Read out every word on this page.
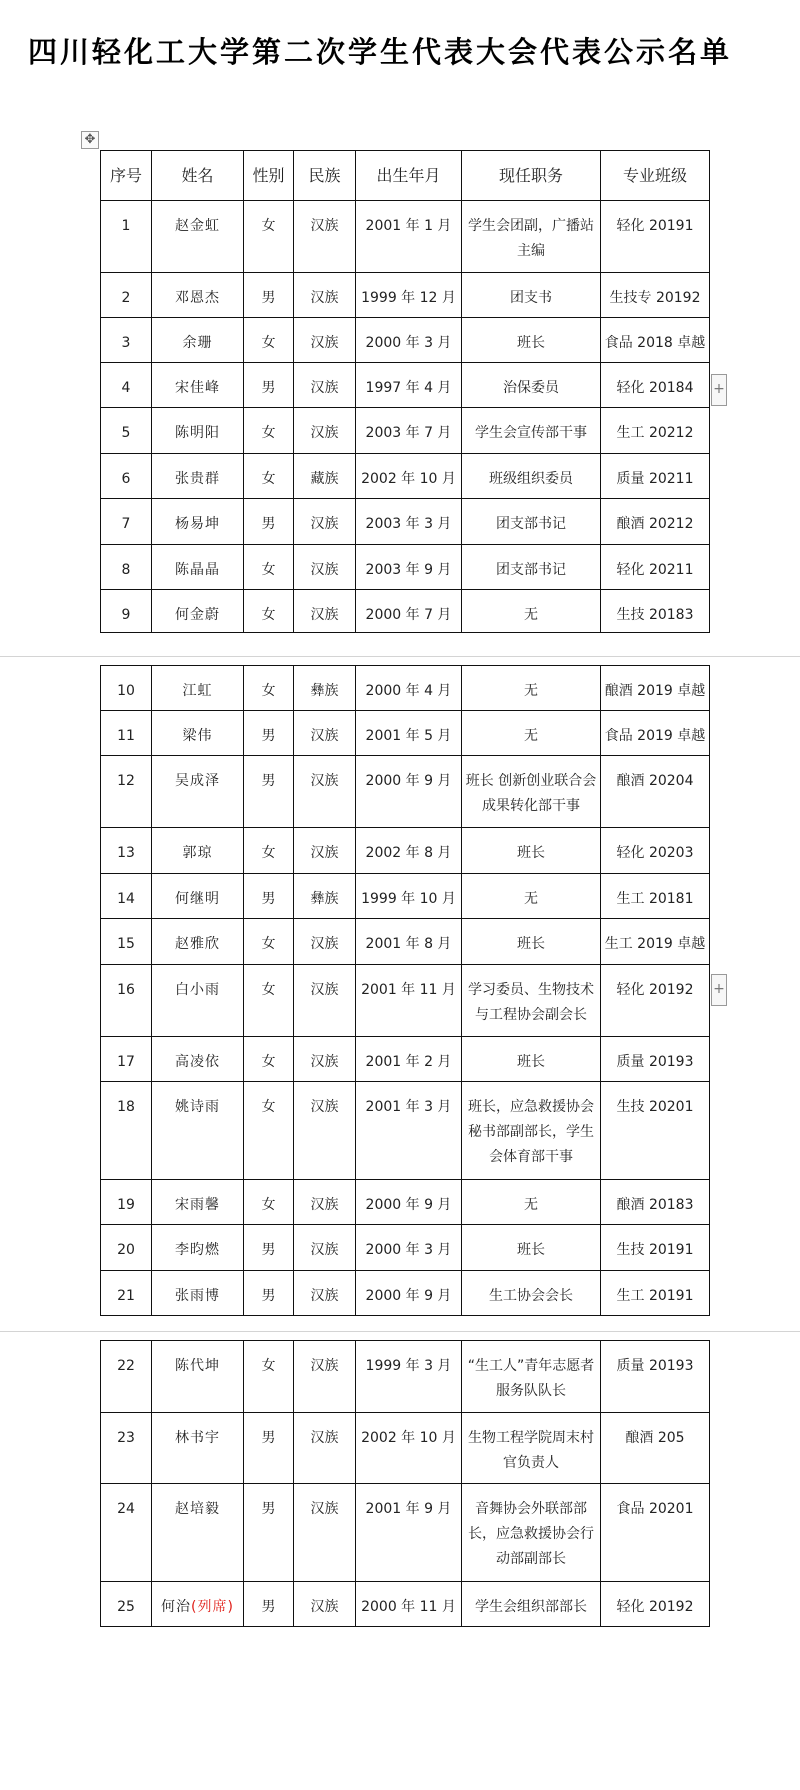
四川轻化工大学第二次学生代表大会代表公示名单
✥
+
+
序号	姓名	性别	民族	出生年月	现任职务	专业班级
1	赵金虹	女	汉族	2001 年 1 月	学生会团副，广播站主编	轻化 20191
2	邓恩杰	男	汉族	1999 年 12 月	团支书	生技专 20192
3	余珊	女	汉族	2000 年 3 月	班长	食品 2018 卓越
4	宋佳峰	男	汉族	1997 年 4 月	治保委员	轻化 20184
5	陈明阳	女	汉族	2003 年 7 月	学生会宣传部干事	生工 20212
6	张贵群	女	藏族	2002 年 10 月	班级组织委员	质量 20211
7	杨易坤	男	汉族	2003 年 3 月	团支部书记	酿酒 20212
8	陈晶晶	女	汉族	2003 年 9 月	团支部书记	轻化 20211
9	何金蔚	女	汉族	2000 年 7 月	无	生技 20183
10	江虹	女	彝族	2000 年 4 月	无	酿酒 2019 卓越
11	梁伟	男	汉族	2001 年 5 月	无	食品 2019 卓越
12	吴成泽	男	汉族	2000 年 9 月	班长 创新创业联合会成果转化部干事	酿酒 20204
13	郭琼	女	汉族	2002 年 8 月	班长	轻化 20203
14	何继明	男	彝族	1999 年 10 月	无	生工 20181
15	赵雅欣	女	汉族	2001 年 8 月	班长	生工 2019 卓越
16	白小雨	女	汉族	2001 年 11 月	学习委员、生物技术与工程协会副会长	轻化 20192
17	高凌依	女	汉族	2001 年 2 月	班长	质量 20193
18	姚诗雨	女	汉族	2001 年 3 月	班长，应急救援协会秘书部副部长，学生会体育部干事	生技 20201
19	宋雨馨	女	汉族	2000 年 9 月	无	酿酒 20183
20	李昀燃	男	汉族	2000 年 3 月	班长	生技 20191
21	张雨博	男	汉族	2000 年 9 月	生工协会会长	生工 20191
22	陈代坤	女	汉族	1999 年 3 月	“生工人”青年志愿者服务队队长	质量 20193
23	林书宇	男	汉族	2002 年 10 月	生物工程学院周末村官负责人	酿酒 205
24	赵培毅	男	汉族	2001 年 9 月	音舞协会外联部部长，应急救援协会行动部副部长	食品 20201
25	何治(列席)	男	汉族	2000 年 11 月	学生会组织部部长	轻化 20192
